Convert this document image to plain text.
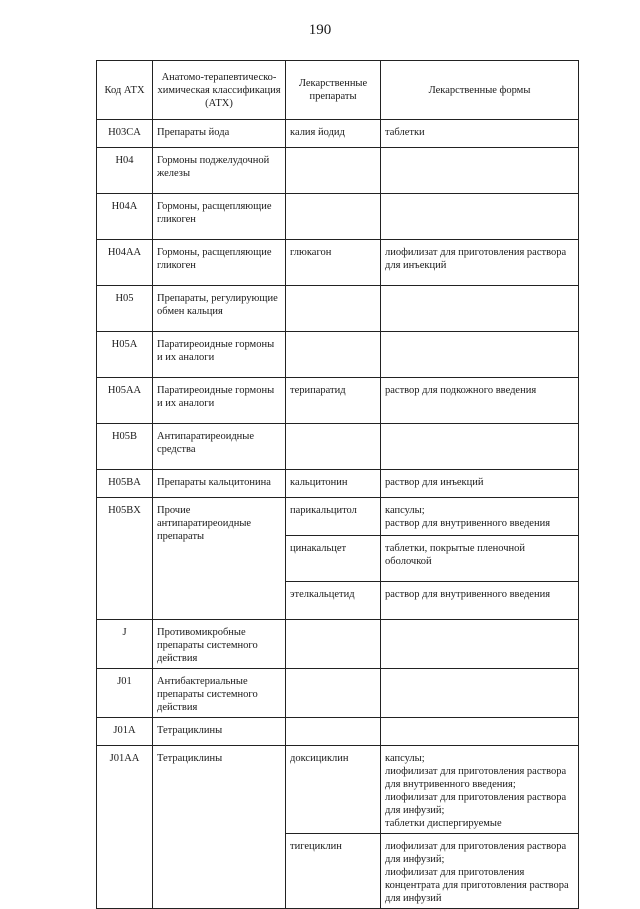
190
Код АТХ	Анатомо-терапевтическо-химическая классификация (АТХ)	Лекарственные препараты	Лекарственные формы
H03CA	Препараты йода	калия йодид	таблетки

H04	Гормоны поджелудочной железы		
H04A	Гормоны, расщепляющие гликоген		
H04AA	Гормоны, расщепляющие гликоген	глюкагон	лиофилизат для приготовления раствора для инъекций

H05	Препараты, регулирующие обмен кальция		
H05A	Паратиреоидные гормоны и их аналоги		
H05AA	Паратиреоидные гормоны и их аналоги	терипаратид	раствор для подкожного введения

H05B	Антипаратиреоидные средства		
H05BA	Препараты кальцитонина	кальцитонин	раствор для инъекций

H05BX	Прочие антипаратиреоидные препараты	парикальцитол	капсулы;
раствор для внутривенного введения

		цинакальцет	таблетки, покрытые пленочной оболочкой

		этелкальцетид	раствор для внутривенного введения

J	Противомикробные препараты системного действия		
J01	Антибактериальные препараты системного действия		
J01A	Тетрациклины		
J01AA	Тетрациклины	доксициклин	капсулы;
лиофилизат для приготовления раствора для внутривенного введения;
лиофилизат для приготовления раствора для инфузий;
таблетки диспергируемые

		тигециклин	лиофилизат для приготовления раствора для инфузий;
лиофилизат для приготовления концентрата для приготовления раствора для инфузий
